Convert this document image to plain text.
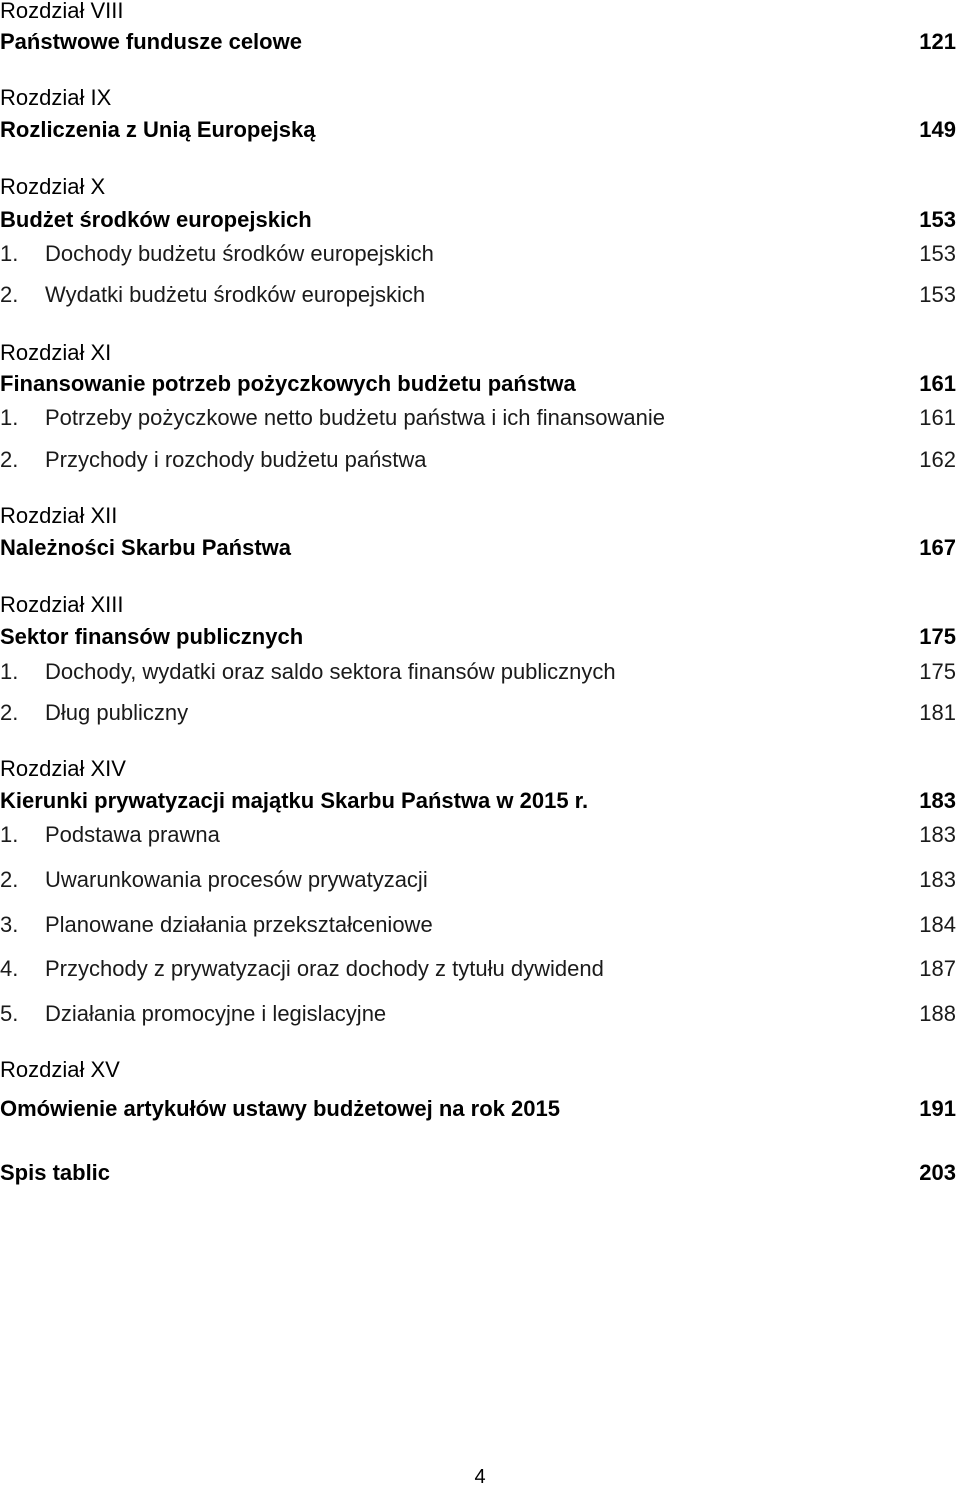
Rozdział VIII
Państwowe fundusze celowe	121
Rozdział IX
Rozliczenia z Unią Europejską	149
Rozdział X
Budżet środków europejskich	153
1. Dochody budżetu środków europejskich	153
2. Wydatki budżetu środków europejskich	153
Rozdział XI
Finansowanie potrzeb pożyczkowych budżetu państwa	161
1. Potrzeby pożyczkowe netto budżetu państwa i ich finansowanie	161
2. Przychody i rozchody budżetu państwa	162
Rozdział XII
Należności Skarbu Państwa	167
Rozdział XIII
Sektor finansów publicznych	175
1. Dochody, wydatki oraz saldo sektora finansów publicznych	175
2. Dług publiczny	181
Rozdział XIV
Kierunki prywatyzacji majątku Skarbu Państwa w 2015 r.	183
1. Podstawa prawna	183
2. Uwarunkowania procesów prywatyzacji	183
3. Planowane działania przekształceniowe	184
4. Przychody z prywatyzacji oraz dochody z tytułu dywidend	187
5. Działania promocyjne i legislacyjne	188
Rozdział XV
Omówienie artykułów ustawy budżetowej na rok 2015	191
Spis tablic	203
4
